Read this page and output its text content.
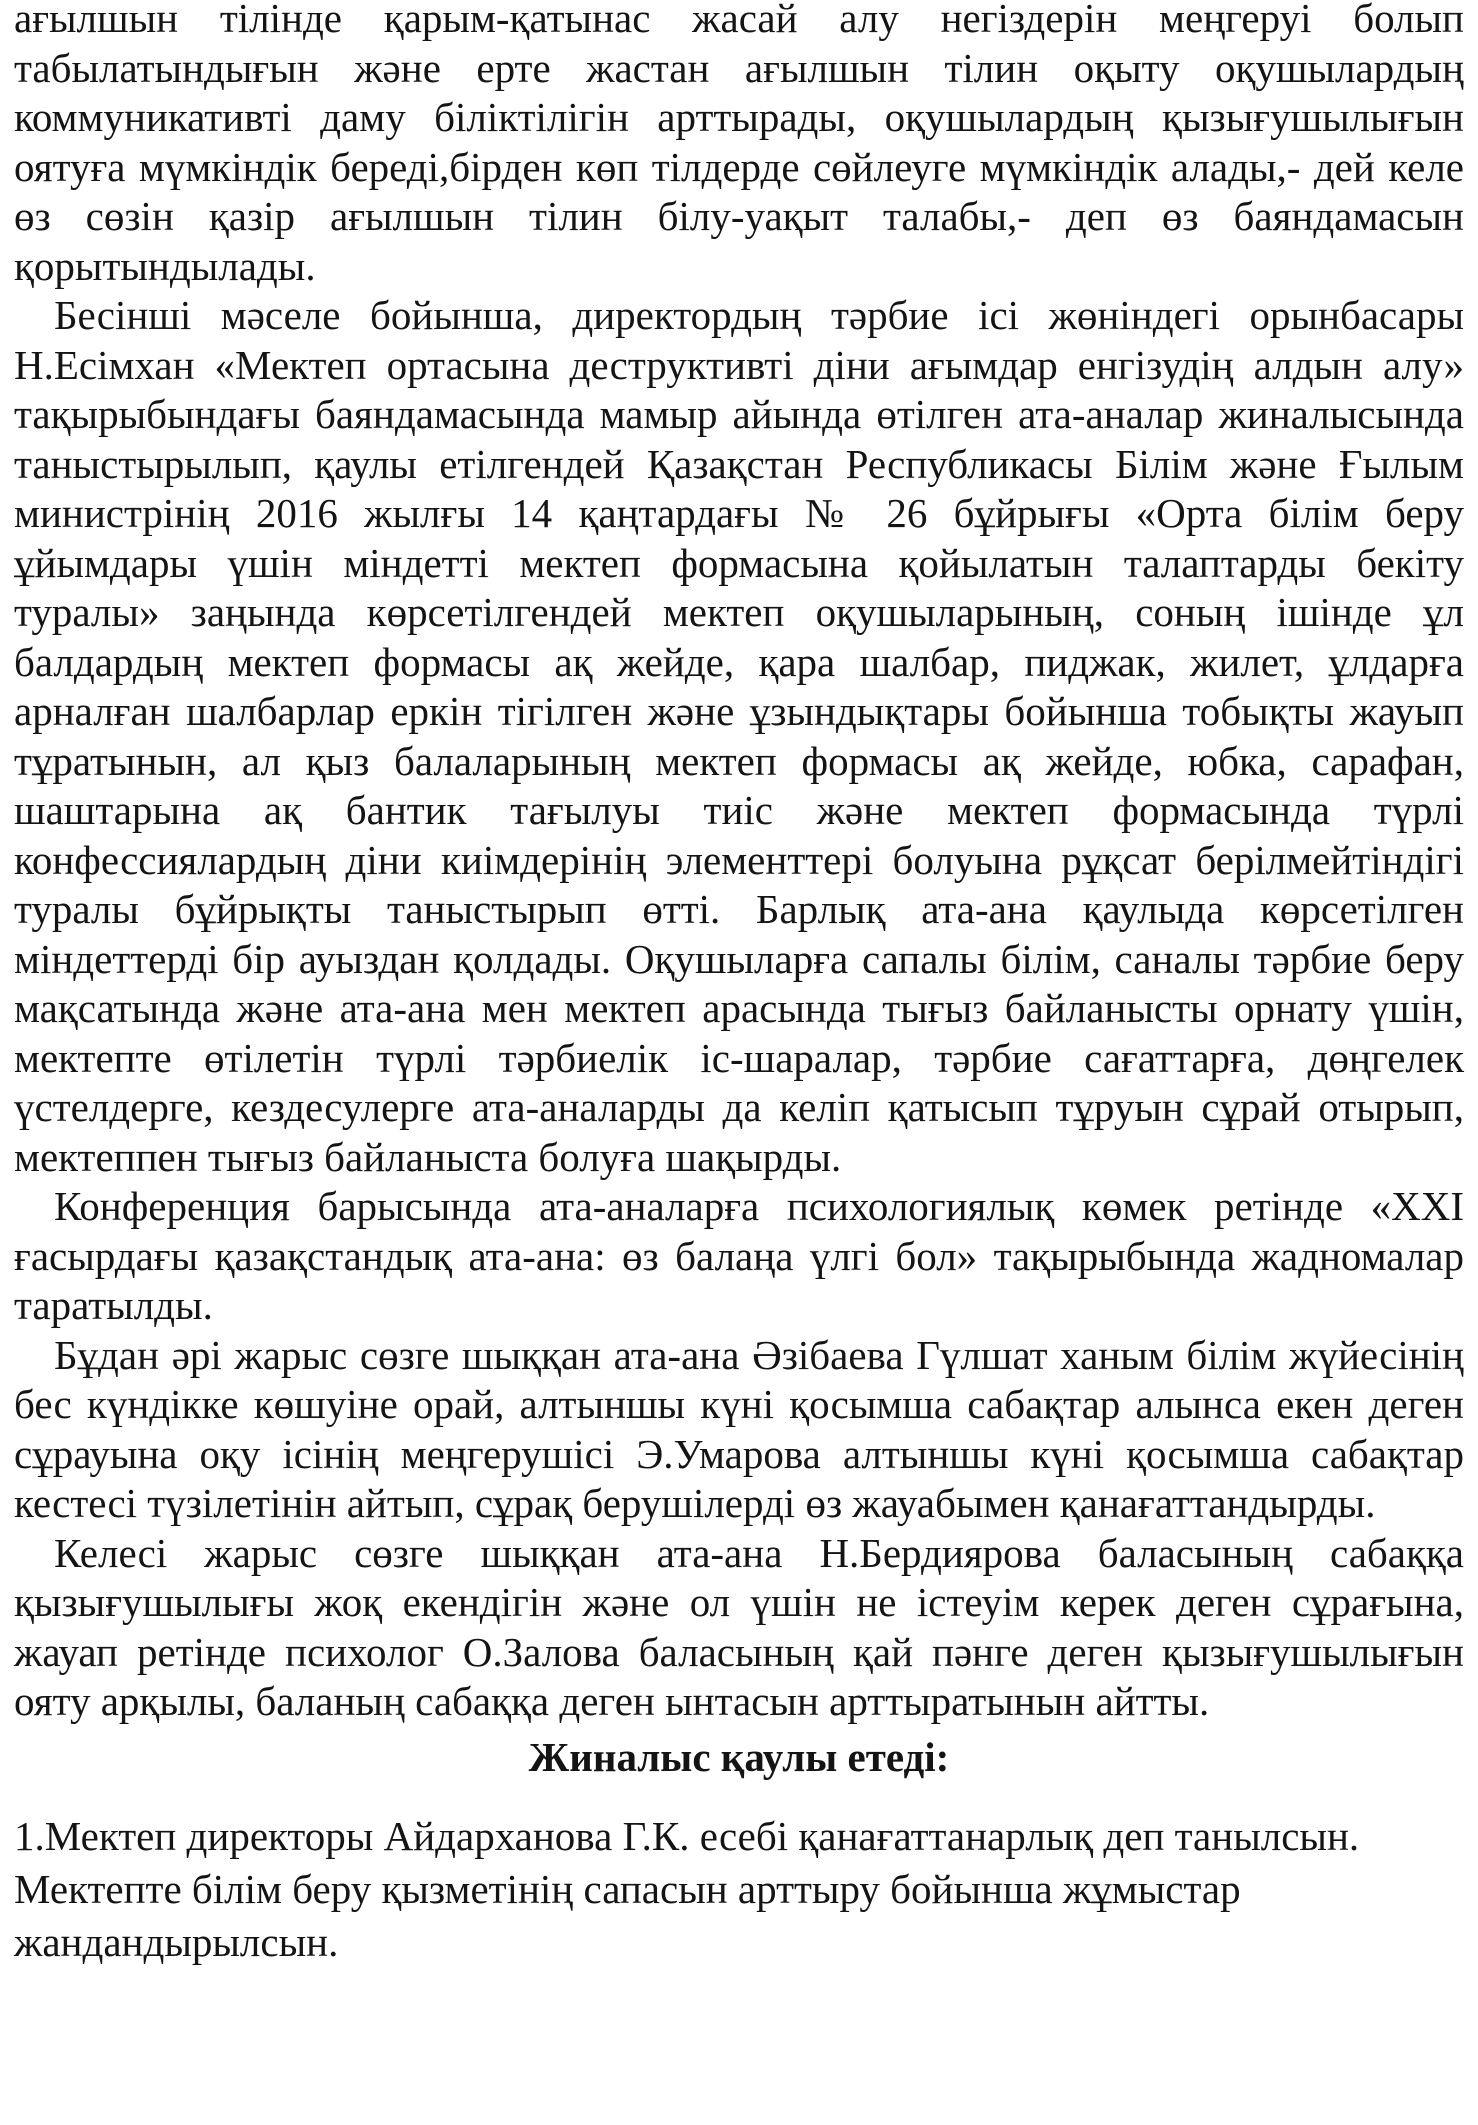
ағылшын тілінде қарым-қатынас жасай алу негіздерін меңгеруі болып табылатындығын және ерте жастан ағылшын тілин оқыту оқушылардың коммуникативті даму біліктілігін арттырады, оқушылардың қызығушылығын оятуға мүмкіндік береді,бірден көп тілдерде сөйлеуге мүмкіндік алады,- дей келе өз сөзін қазір ағылшын тілин білу-уақыт талабы,- деп өз баяндамасын қорытындылады.

Бесінші мәселе бойынша, директордың тәрбие ісі жөніндегі орынбасары Н.Есімхан «Мектеп ортасына деструктивті діни ағымдар енгізудің алдын алу» тақырыбындағы баяндамасында мамыр айында өтілген ата-аналар жиналысында таныстырылып, қаулы етілгендей Қазақстан Республикасы Білім және Ғылым министрінің 2016 жылғы 14 қаңтардағы № 26 бұйрығы «Орта білім беру ұйымдары үшін міндетті мектеп формасына қойылатын талаптарды бекіту туралы» заңында көрсетілгендей мектеп оқушыларының, соның ішінде ұл балдардың мектеп формасы ақ жейде, қара шалбар, пиджак, жилет, ұлдарға арналған шалбарлар еркін тігілген және ұзындықтары бойынша тобықты жауып тұратынын, ал қыз балаларының мектеп формасы ақ жейде, юбка, сарафан, шаштарына ақ бантик тағылуы тиіс және мектеп формасында түрлі конфессиялардың діни киімдерінің элементтері болуына рұқсат берілмейтіндігі туралы бұйрықты таныстырып өтті. Барлық ата-ана қаулыда көрсетілген міндеттерді бір ауыздан қолдады. Оқушыларға сапалы білім, саналы тәрбие беру мақсатында және ата-ана мен мектеп арасында тығыз байланысты орнату үшін, мектепте өтілетін түрлі тәрбиелік іс-шаралар, тәрбие сағаттарға, дөңгелек үстелдерге, кездесулерге ата-аналарды да келіп қатысып тұруын сұрай отырып, мектеппен тығыз байланыста болуға шақырды.

Конференция барысында ата-аналарға психологиялық көмек ретінде «XXI ғасырдағы қазақстандық ата-ана: өз балаңа үлгі бол» тақырыбында жадномалар таратылды.

Бұдан әрі жарыс сөзге шыққан ата-ана Әзібаева Гүлшат ханым білім жүйесінің бес күндікке көшуіне орай, алтыншы күні қосымша сабақтар алынса екен деген сұрауына оқу ісінің меңгерушісі Э.Умарова алтыншы күні қосымша сабақтар кестесі түзілетінін айтып, сұрақ берушілерді өз жауабымен қанағаттандырды.

Келесі жарыс сөзге шыққан ата-ана Н.Бердиярова баласының сабаққа қызығушылығы жоқ екендігін және ол үшін не істеуім керек деген сұрағына, жауап ретінде психолог О.Залова баласының қай пәнге деген қызығушылығын ояту арқылы, баланың сабаққа деген ынтасын арттыратынын айтты.

Жиналыс қаулы етеді:

1.Мектеп директоры Айдарханова Г.К. есебі қанағаттанарлық деп танылсын. Мектепте білім беру қызметінің сапасын арттыру бойынша жұмыстар жандандырылсын.
